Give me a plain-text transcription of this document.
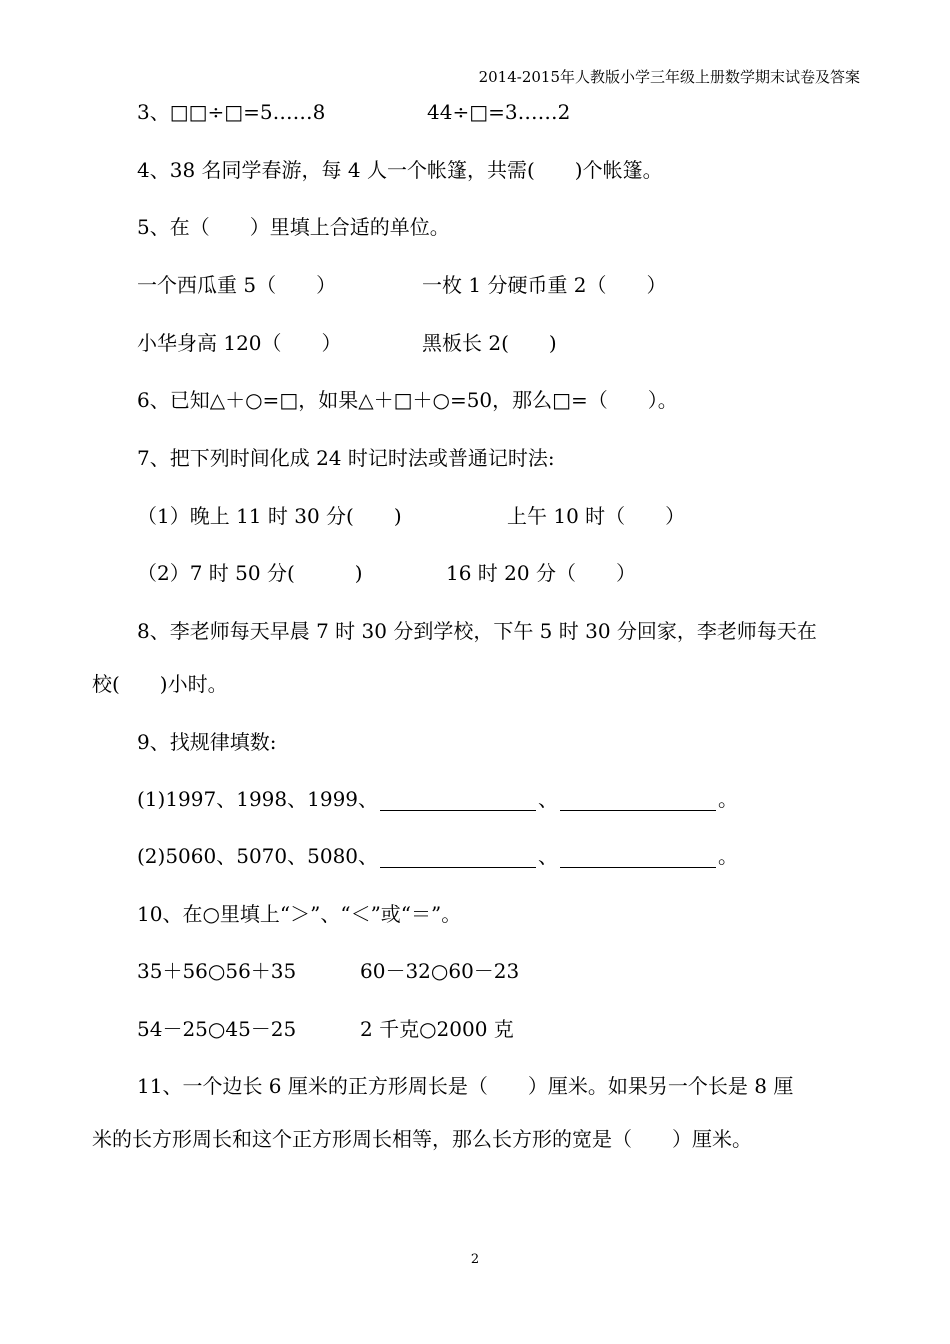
2014-2015年人教版小学三年级上册数学期末试卷及答案
3、□□÷□=5……8	44÷□=3……2
4、38 名同学春游，每 4 人一个帐篷，共需(　　)个帐篷。
5、在（　　）里填上合适的单位。
一个西瓜重 5（　　）	一枚 1 分硬币重 2（　　）
小华身高 120（　　）	黑板长 2(　　)
6、已知△＋○=□，如果△＋□＋○=50，那么□=（　　）。
7、把下列时间化成 24 时记时法或普通记时法:
（1）晚上 11 时 30 分(　　)	上午 10 时（　　）
（2）7 时 50 分(　　　)	16 时 20 分（　　）
8、李老师每天早晨 7 时 30 分到学校，下午 5 时 30 分回家，李老师每天在
校(　　)小时。
9、找规律填数:
(1)1997、1998、1999、	、	。
(2)5060、5070、5080、	、	。
10、在○里填上“＞”、“＜”或“＝”。
35＋56○56＋35	60－32○60－23
54－25○45－25	2 千克○2000 克
11、一个边长 6 厘米的正方形周长是（　　）厘米。如果另一个长是 8 厘
米的长方形周长和这个正方形周长相等，那么长方形的宽是（　　）厘米。
2
